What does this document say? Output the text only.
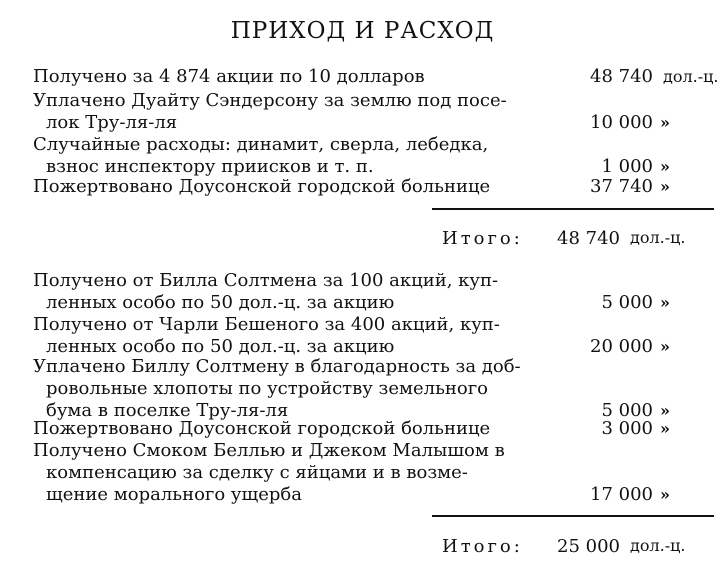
ПРИХОД И РАСХОД
Получено за 4 874 акции по 10 долларов	48 740 дол.-ц.
Уплачено Дуайту Сэндерсону за землю под посе-
лок Тру-ля-ля	10 000 »
Случайные расходы: динамит, сверла, лебедка,
взнос инспектору приисков и т. п.	1 000 »
Пожертвовано Доусонской городской больнице	37 740 »
Итого:	48 740 дол.-ц.
Получено от Билла Солтмена за 100 акций, куп-
ленных особо по 50 дол.-ц. за акцию	5 000 »
Получено от Чарли Бешеного за 400 акций, куп-
ленных особо по 50 дол.-ц. за акцию	20 000 »
Уплачено Биллу Солтмену в благодарность за доб-
ровольные хлопоты по устройству земельного
бума в поселке Тру-ля-ля	5 000 »
Пожертвовано Доусонской городской больнице	3 000 »
Получено Смоком Беллью и Джеком Малышом в
компенсацию за сделку с яйцами и в возме-
щение морального ущерба	17 000 »
Итого:	25 000 дол.-ц.
